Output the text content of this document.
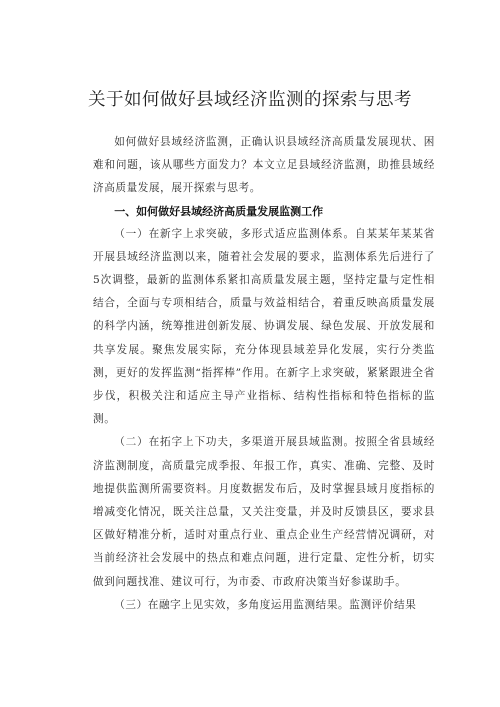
关于如何做好县域经济监测的探索与思考

如何做好县域经济监测，正确认识县域经济高质量发展现状、困难和问题，该从哪些方面发力？本文立足县域经济监测，助推县域经济高质量发展，展开探索与思考。

一、如何做好县域经济高质量发展监测工作

（一）在新字上求突破，多形式适应监测体系。自某某年某某省开展县域经济监测以来，随着社会发展的要求，监测体系先后进行了5次调整，最新的监测体系紧扣高质量发展主题，坚持定量与定性相结合，全面与专项相结合，质量与效益相结合，着重反映高质量发展的科学内涵，统筹推进创新发展、协调发展、绿色发展、开放发展和共享发展。聚焦发展实际，充分体现县域差异化发展，实行分类监测，更好的发挥监测“指挥棒”作用。在新字上求突破，紧紧跟进全省步伐，积极关注和适应主导产业指标、结构性指标和特色指标的监测。

（二）在拓字上下功夫，多渠道开展县域监测。按照全省县域经济监测制度，高质量完成季报、年报工作，真实、准确、完整、及时地提供监测所需要资料。月度数据发布后，及时掌握县域月度指标的增减变化情况，既关注总量，又关注变量，并及时反馈县区，要求县区做好精准分析，适时对重点行业、重点企业生产经营情况调研，对当前经济社会发展中的热点和难点问题，进行定量、定性分析，切实做到问题找准、建议可行，为市委、市政府决策当好参谋助手。

（三）在融字上见实效，多角度运用监测结果。监测评价结果
